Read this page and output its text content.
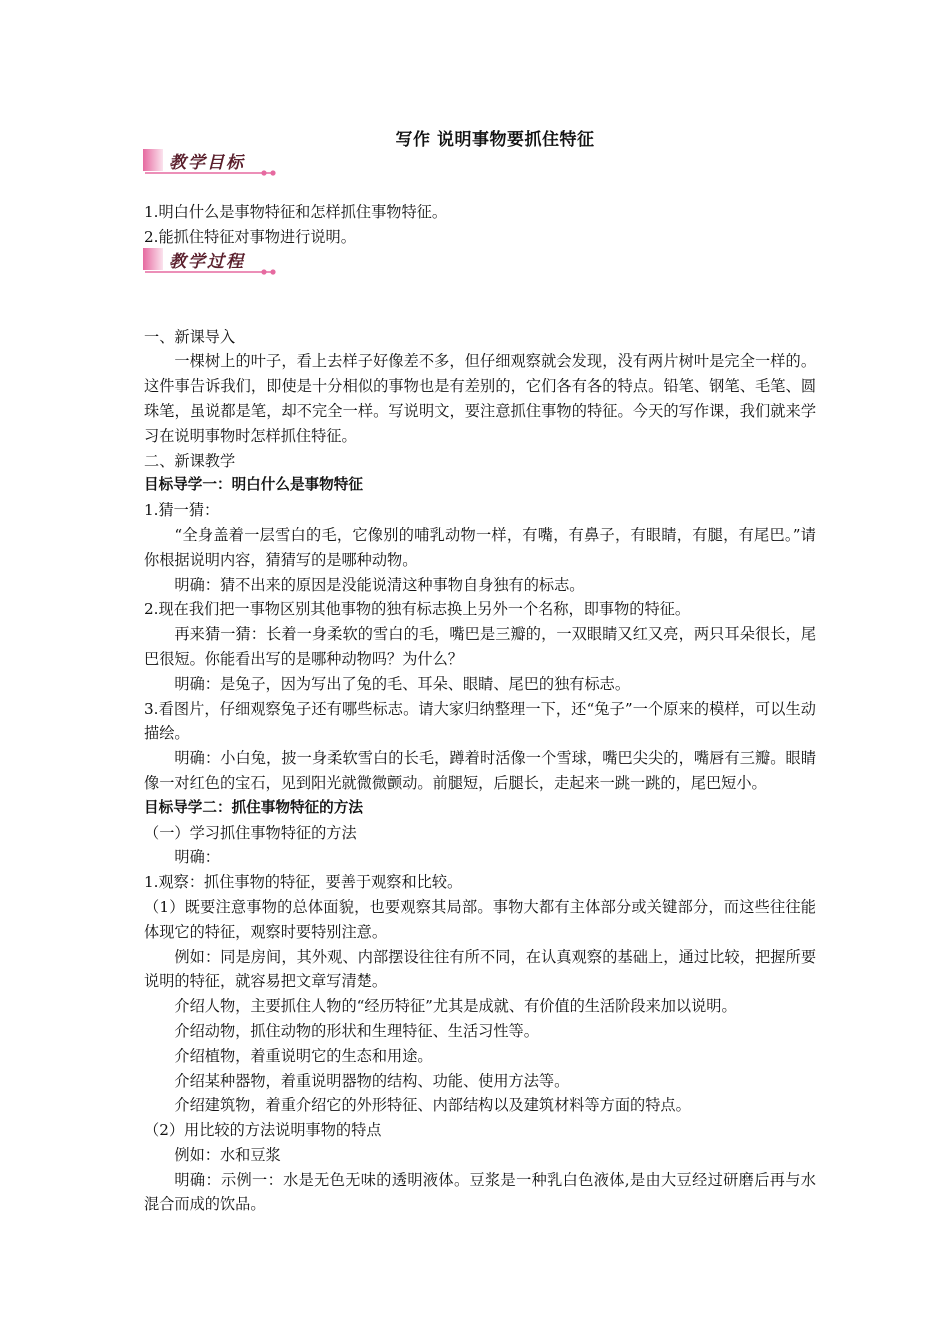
写作 说明事物要抓住特征
教学目标
教学过程

1.明白什么是事物特征和怎样抓住事物特征。

2.能抓住特征对事物进行说明。

一、新课导入

一棵树上的叶子，看上去样子好像差不多，但仔细观察就会发现，没有两片树叶是完全一样的。这件事告诉我们，即使是十分相似的事物也是有差别的，它们各有各的特点。铅笔、钢笔、毛笔、圆珠笔，虽说都是笔，却不完全一样。写说明文，要注意抓住事物的特征。今天的写作课，我们就来学习在说明事物时怎样抓住特征。

二、新课教学

目标导学一：明白什么是事物特征

1.猜一猜：

“全身盖着一层雪白的毛，它像别的哺乳动物一样，有嘴，有鼻子，有眼睛，有腿，有尾巴。”请你根据说明内容，猜猜写的是哪种动物。

明确：猜不出来的原因是没能说清这种事物自身独有的标志。

2.现在我们把一事物区别其他事物的独有标志换上另外一个名称，即事物的特征。

再来猜一猜：长着一身柔软的雪白的毛，嘴巴是三瓣的，一双眼睛又红又亮，两只耳朵很长，尾巴很短。你能看出写的是哪种动物吗？为什么？

明确：是兔子，因为写出了兔的毛、耳朵、眼睛、尾巴的独有标志。

3.看图片，仔细观察兔子还有哪些标志。请大家归纳整理一下，还“兔子”一个原来的模样，可以生动描绘。

明确：小白兔，披一身柔软雪白的长毛，蹲着时活像一个雪球，嘴巴尖尖的，嘴唇有三瓣。眼睛像一对红色的宝石，见到阳光就微微颤动。前腿短，后腿长，走起来一跳一跳的，尾巴短小。

目标导学二：抓住事物特征的方法

（一）学习抓住事物特征的方法

明确：

1.观察：抓住事物的特征，要善于观察和比较。

（1）既要注意事物的总体面貌，也要观察其局部。事物大都有主体部分或关键部分，而这些往往能体现它的特征，观察时要特别注意。

例如：同是房间，其外观、内部摆设往往有所不同，在认真观察的基础上，通过比较，把握所要说明的特征，就容易把文章写清楚。

介绍人物，主要抓住人物的“经历特征”尤其是成就、有价值的生活阶段来加以说明。

介绍动物，抓住动物的形状和生理特征、生活习性等。

介绍植物，着重说明它的生态和用途。

介绍某种器物，着重说明器物的结构、功能、使用方法等。

介绍建筑物，着重介绍它的外形特征、内部结构以及建筑材料等方面的特点。

（2）用比较的方法说明事物的特点

例如：水和豆浆

明确：示例一：水是无色无味的透明液体。豆浆是一种乳白色液体,是由大豆经过研磨后再与水混合而成的饮品。
